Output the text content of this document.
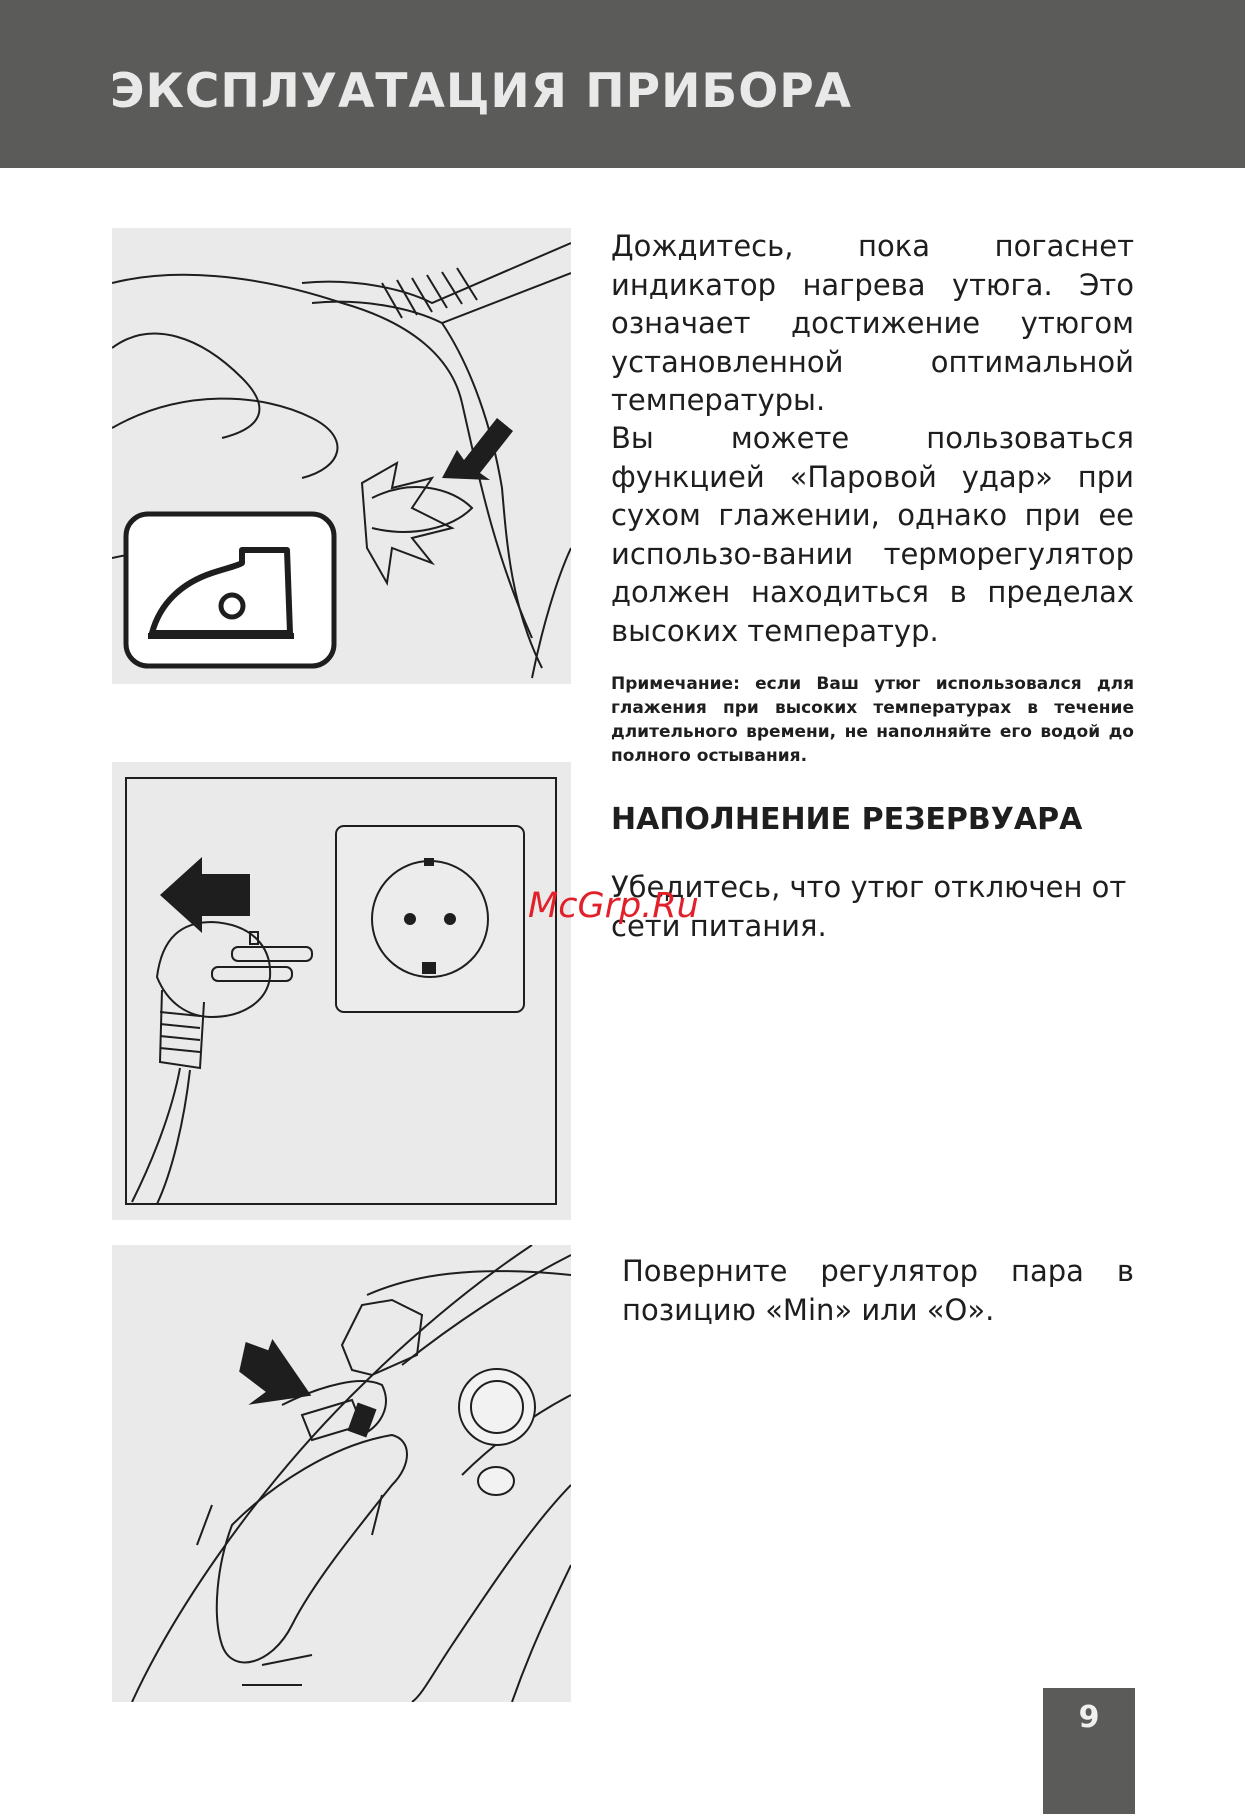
ЭКСПЛУАТАЦИЯ ПРИБОРА

Дождитесь, пока погаснет индикатор нагрева утюга. Это означает достижение утюгом установленной оптимальной температуры.

Вы можете пользоваться функцией «Паровой удар» при сухом глажении, однако при ее использо-вании терморегулятор должен находиться в пределах высоких температур.

Примечание: если Ваш утюг использовался для глажения при высоких температурах в течение длительного времени, не наполняйте его водой до полного остывания.
НАПОЛНЕНИЕ РЕЗЕРВУАРА

Убедитесь, что утюг отключен от сети питания.

Поверните регулятор пара в позицию «Min» или «O».

McGrp.Ru
9
